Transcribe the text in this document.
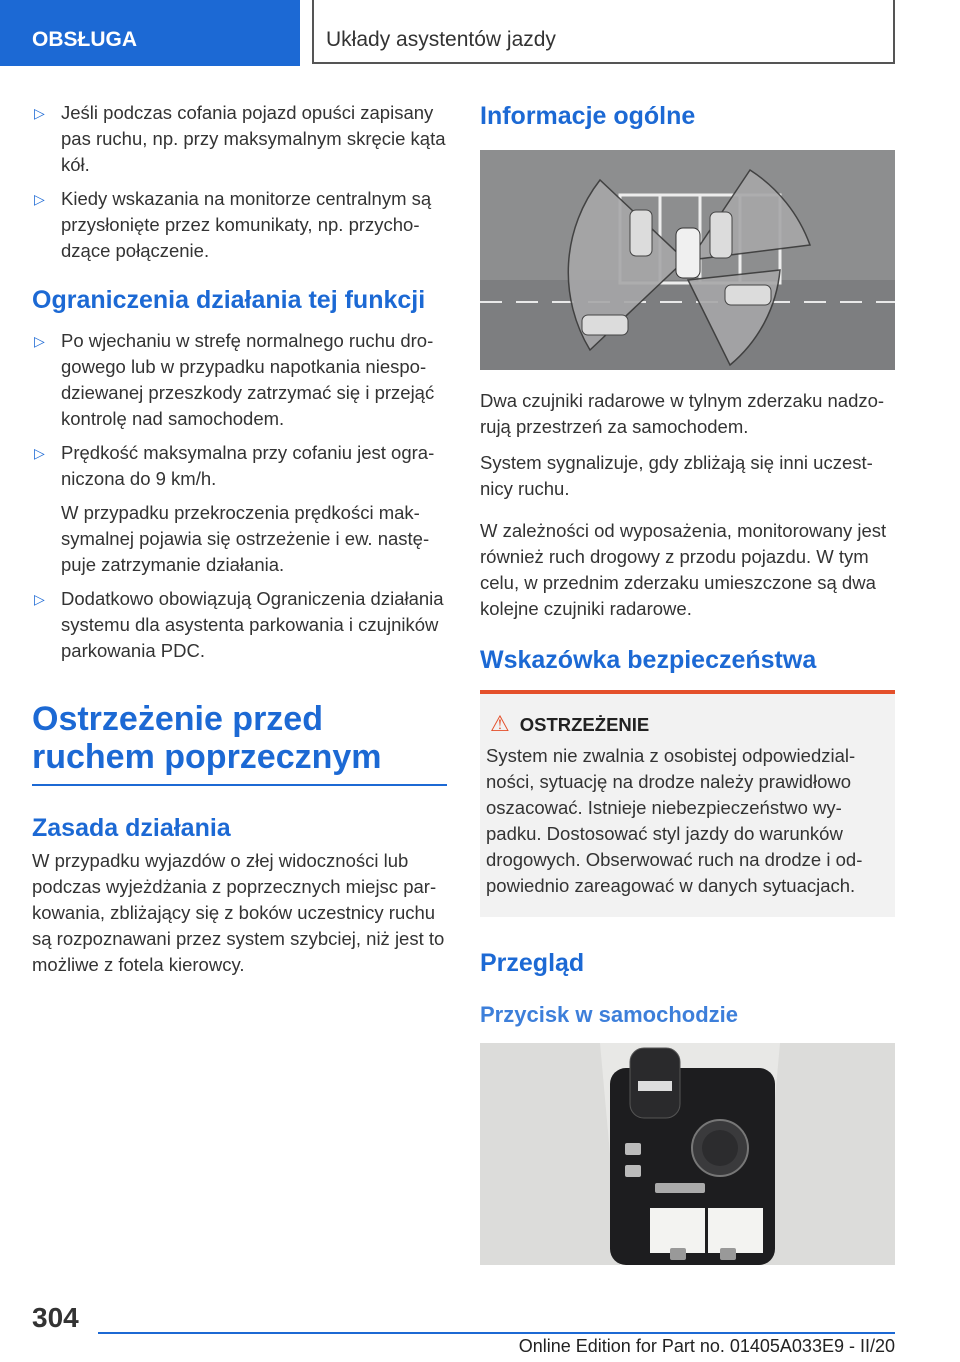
OBSŁUGA	Układy asystentów jazdy
▷ Jeśli podczas cofania pojazd opuści zapisany pas ruchu, np. przy maksymalnym skręcie kąta kół.
▷ Kiedy wskazania na monitorze centralnym są przysłonięte przez komunikaty, np. przychodzące połączenie.
Ograniczenia działania tej funkcji
▷ Po wjechaniu w strefę normalnego ruchu drogowego lub w przypadku napotkania niespodziewanej przeszkody zatrzymać się i przejąć kontrolę nad samochodem.
▷ Prędkość maksymalna przy cofaniu jest ograniczona do 9 km/h.
W przypadku przekroczenia prędkości maksymalnej pojawia się ostrzeżenie i ew. następuje zatrzymanie działania.
▷ Dodatkowo obowiązują Ograniczenia działania systemu dla asystenta parkowania i czujników parkowania PDC.
Ostrzeżenie przed ruchem poprzecznym
Zasada działania

W przypadku wyjazdów o złej widoczności lub podczas wyjeżdżania z poprzecznych miejsc parkowania, zbliżający się z boków uczestnicy ruchu są rozpoznawani przez system szybciej, niż jest to możliwe z fotela kierowcy.

Informacje ogólne

Dwa czujniki radarowe w tylnym zderzaku nadzorują przestrzeń za samochodem.

System sygnalizuje, gdy zbliżają się inni uczestnicy ruchu.

W zależności od wyposażenia, monitorowany jest również ruch drogowy z przodu pojazdu. W tym celu, w przednim zderzaku umieszczone są dwa kolejne czujniki radarowe.

Wskazówka bezpieczeństwa
⚠ OSTRZEŻENIE

System nie zwalnia z osobistej odpowiedzialności, sytuację na drodze należy prawidłowo oszacować. Istnieje niebezpieczeństwo wypadku. Dostosować styl jazdy do warunków drogowych. Obserwować ruch na drodze i odpowiednio zareagować w danych sytuacjach.

Przegląd
Przycisk w samochodzie
304
Online Edition for Part no. 01405A033E9 - II/20
